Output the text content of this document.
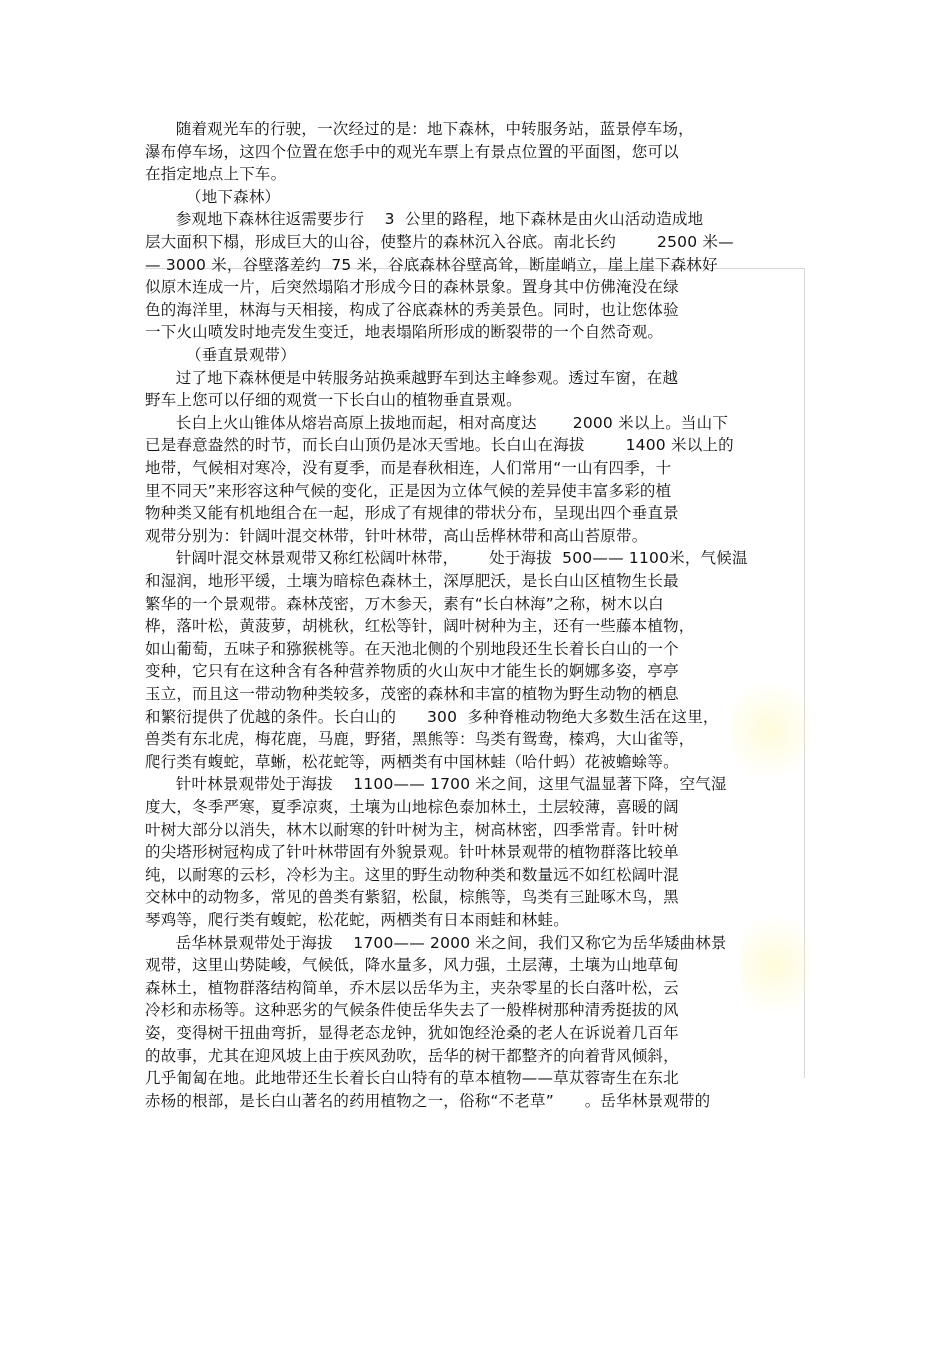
随着观光车的行驶，一次经过的是：地下森林，中转服务站，蓝景停车场，
瀑布停车场，这四个位置在您手中的观光车票上有景点位置的平面图，您可以
在指定地点上下车。
（地下森林）
参观地下森林往返需要步行    3  公里的路程，地下森林是由火山活动造成地
层大面积下榻，形成巨大的山谷，使整片的森林沉入谷底。南北长约        2500 米—
— 3000 米，谷壁落差约  75 米，谷底森林谷壁高耸，断崖峭立，崖上崖下森林好
似原木连成一片，后突然塌陷才形成今日的森林景象。置身其中仿佛淹没在绿
色的海洋里，林海与天相接，构成了谷底森林的秀美景色。同时，也让您体验
一下火山喷发时地壳发生变迁，地表塌陷所形成的断裂带的一个自然奇观。
（垂直景观带）
过了地下森林便是中转服务站换乘越野车到达主峰参观。透过车窗，在越
野车上您可以仔细的观赏一下长白山的植物垂直景观。
长白上火山锥体从熔岩高原上拔地而起，相对高度达       2000 米以上。当山下
已是春意盎然的时节，而长白山顶仍是冰天雪地。长白山在海拔        1400 米以上的
地带，气候相对寒冷，没有夏季，而是春秋相连，人们常用“一山有四季，十
里不同天”来形容这种气候的变化，正是因为立体气候的差异使丰富多彩的植
物种类又能有机地组合在一起，形成了有规律的带状分布，呈现出四个垂直景
观带分别为：针阔叶混交林带，针叶林带，高山岳桦林带和高山苔原带。
针阔叶混交林景观带又称红松阔叶林带，      处于海拔  500—— 1100米，气候温
和湿润，地形平缓，土壤为暗棕色森林土，深厚肥沃，是长白山区植物生长最
繁华的一个景观带。森林茂密，万木参天，素有“长白林海”之称，树木以白
桦，落叶松，黄菠萝，胡桃秋，红松等针，阔叶树种为主，还有一些藤本植物，
如山葡萄，五味子和猕猴桃等。在天池北侧的个别地段还生长着长白山的一个
变种，它只有在这种含有各种营养物质的火山灰中才能生长的婀娜多姿，亭亭
玉立，而且这一带动物种类较多，茂密的森林和丰富的植物为野生动物的栖息
和繁衍提供了优越的条件。长白山的      300  多种脊椎动物绝大多数生活在这里，
兽类有东北虎，梅花鹿，马鹿，野猪，黑熊等：鸟类有鸳鸯，榛鸡，大山雀等，
爬行类有蝮蛇，草蜥，松花蛇等，两栖类有中国林蛙（哈什蚂）花被蟾蜍等。
针叶林景观带处于海拔    1100—— 1700 米之间，这里气温显著下降，空气湿
度大，冬季严寒，夏季凉爽，土壤为山地棕色泰加林土，土层较薄，喜暖的阔
叶树大部分以消失，林木以耐寒的针叶树为主，树高林密，四季常青。针叶树
的尖塔形树冠构成了针叶林带固有外貌景观。针叶林景观带的植物群落比较单
纯，以耐寒的云杉，冷杉为主。这里的野生动物种类和数量远不如红松阔叶混
交林中的动物多，常见的兽类有紫貂，松鼠，棕熊等，鸟类有三趾啄木鸟，黑
琴鸡等，爬行类有蝮蛇，松花蛇，两栖类有日本雨蛙和林蛙。
岳华林景观带处于海拔    1700—— 2000 米之间，我们又称它为岳华矮曲林景
观带，这里山势陡峻，气候低，降水量多，风力强，土层薄，土壤为山地草甸
森林土，植物群落结构简单，乔木层以岳华为主，夹杂零星的长白落叶松，云
冷杉和赤杨等。这种恶劣的气候条件使岳华失去了一般桦树那种清秀挺拔的风
姿，变得树干扭曲弯折，显得老态龙钟，犹如饱经沧桑的老人在诉说着几百年
的故事，尤其在迎风坡上由于疾风劲吹，岳华的树干都整齐的向着背风倾斜，
几乎匍匐在地。此地带还生长着长白山特有的草本植物——草苁蓉寄生在东北
赤杨的根部，是长白山著名的药用植物之一，俗称“不老草”      。岳华林景观带的
